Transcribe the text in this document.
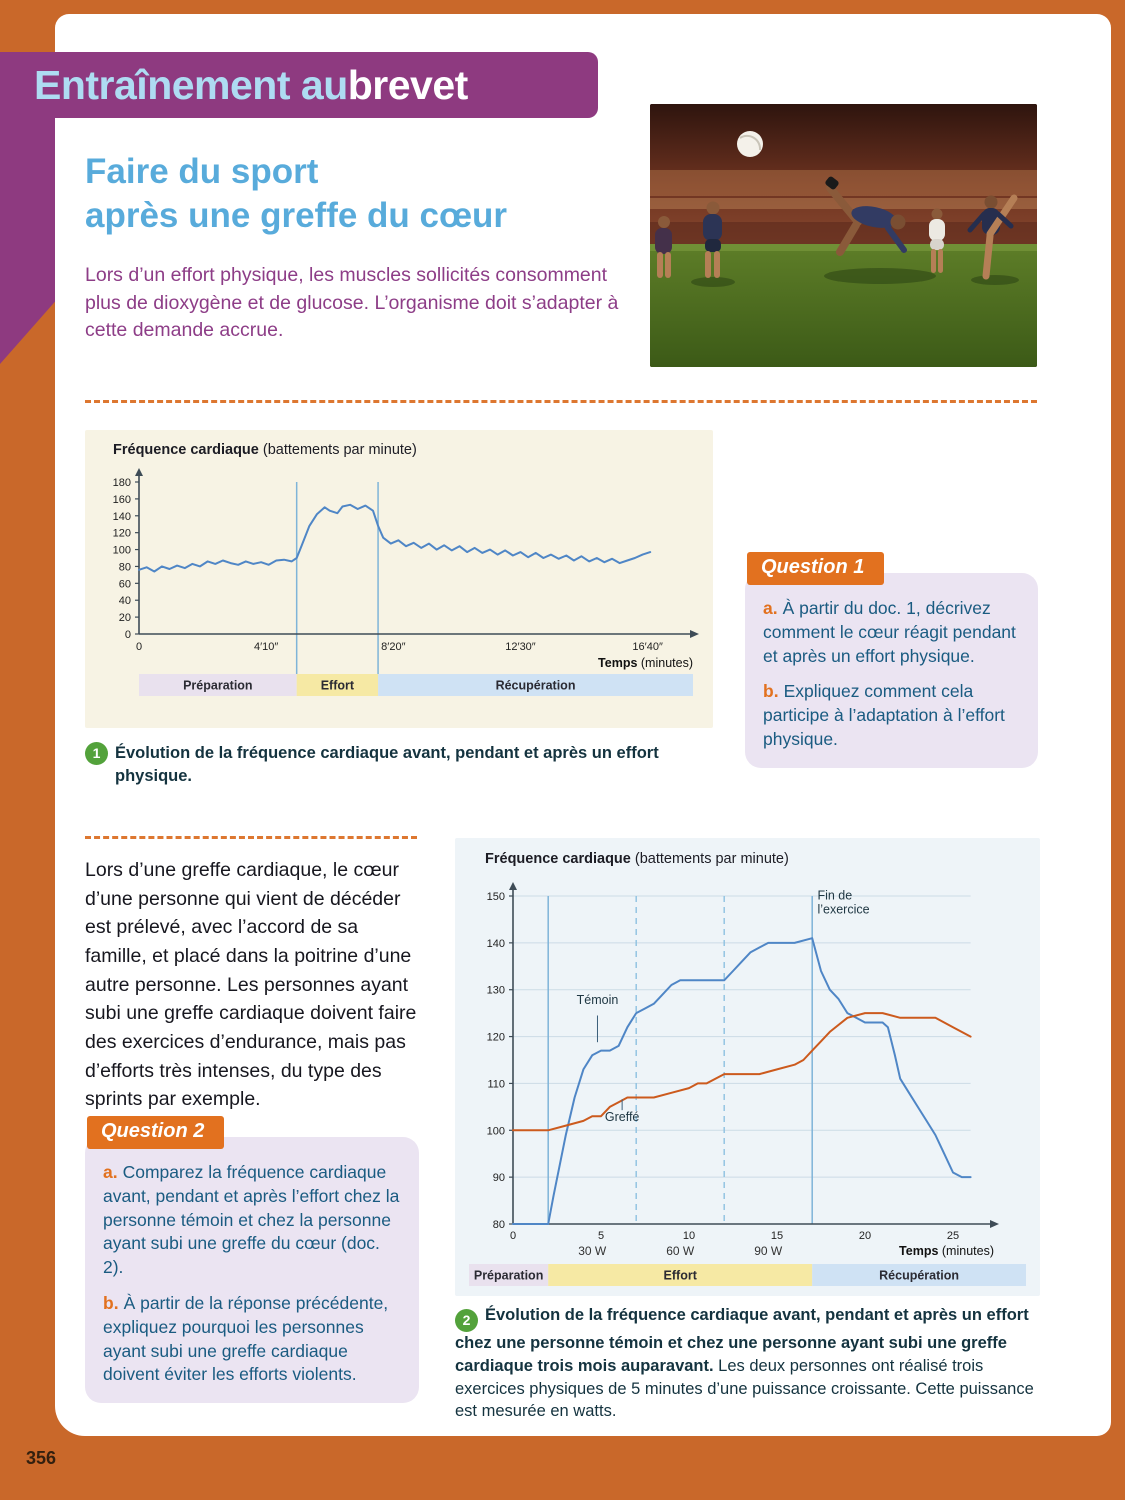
Entraînement au brevet
Faire du sport
après une greffe du cœur

Lors d’un effort physique, les muscles sollicités consomment plus de dioxygène et de glucose. L’organisme doit s’adapter à cette demande accrue.

Fréquence cardiaque (battements par minute)
Préparation	Effort	Récupération
0
20
40
60
80
100
120
140
160
180
0	4′10″	8′20″	12′30″	16′40″
Temps (minutes)
1 Évolution de la fréquence cardiaque avant, pendant et après un effort physique.
Question 1
a. À partir du doc. 1, décrivez comment le cœur réagit pendant et après un effort physique.
b. Expliquez comment cela participe à l’adaptation à l’effort physique.

Lors d’une greffe cardiaque, le cœur d’une personne qui vient de décéder est prélevé, avec l’accord de sa famille, et placé dans la poitrine d’une autre personne. Les personnes ayant subi une greffe cardiaque doivent faire des exercices d’endurance, mais pas d’efforts très intenses, du type des sprints par exemple.

Question 2
a. Comparez la fréquence cardiaque avant, pendant et après l’effort chez la personne témoin et chez la personne ayant subi une greffe du cœur (doc. 2).
b. À partir de la réponse précédente, expliquez pourquoi les personnes ayant subi une greffe cardiaque doivent éviter les efforts violents.
Fréquence cardiaque (battements par minute)
Préparation	Effort	Récupération
80
90
100
110
120
130
140
150
0	5	10	15	20	25
Temps (minutes)
30 W	60 W	90 W
Témoin
Greffé
Fin de
l’exercice
2 Évolution de la fréquence cardiaque avant, pendant et après un effort chez une personne témoin et chez une personne ayant subi une greffe cardiaque trois mois auparavant. Les deux personnes ont réalisé trois exercices physiques de 5 minutes d’une puissance croissante. Cette puissance est mesurée en watts.
356
